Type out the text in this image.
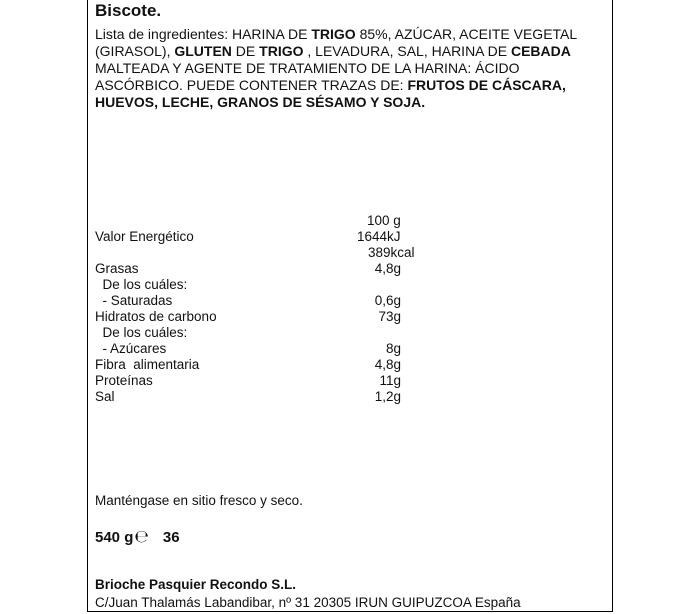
Biscote.
Lista de ingredientes: HARINA DE TRIGO 85%, AZÚCAR, ACEITE VEGETAL (GIRASOL), GLUTEN DE TRIGO , LEVADURA, SAL, HARINA DE CEBADA MALTEADA Y AGENTE DE TRATAMIENTO DE LA HARINA: ÁCIDO ASCÓRBICO. PUEDE CONTENER TRAZAS DE: FRUTOS DE CÁSCARA, HUEVOS, LECHE, GRANOS DE SÉSAMO Y SOJA.
100 g
Valor Energético	1644kJ
389kcal
Grasas	4,8g
De los cuáles:
- Saturadas	0,6g
Hidratos de carbono	73g
De los cuáles:
- Azúcares	8g
Fibra  alimentaria	4,8g
Proteínas	11g
Sal	1,2g
Manténgase en sitio fresco y seco.
540 g ℮ 36
Brioche Pasquier Recondo S.L.
C/Juan Thalamás Labandibar, nº 31 20305 IRUN GUIPUZCOA España
